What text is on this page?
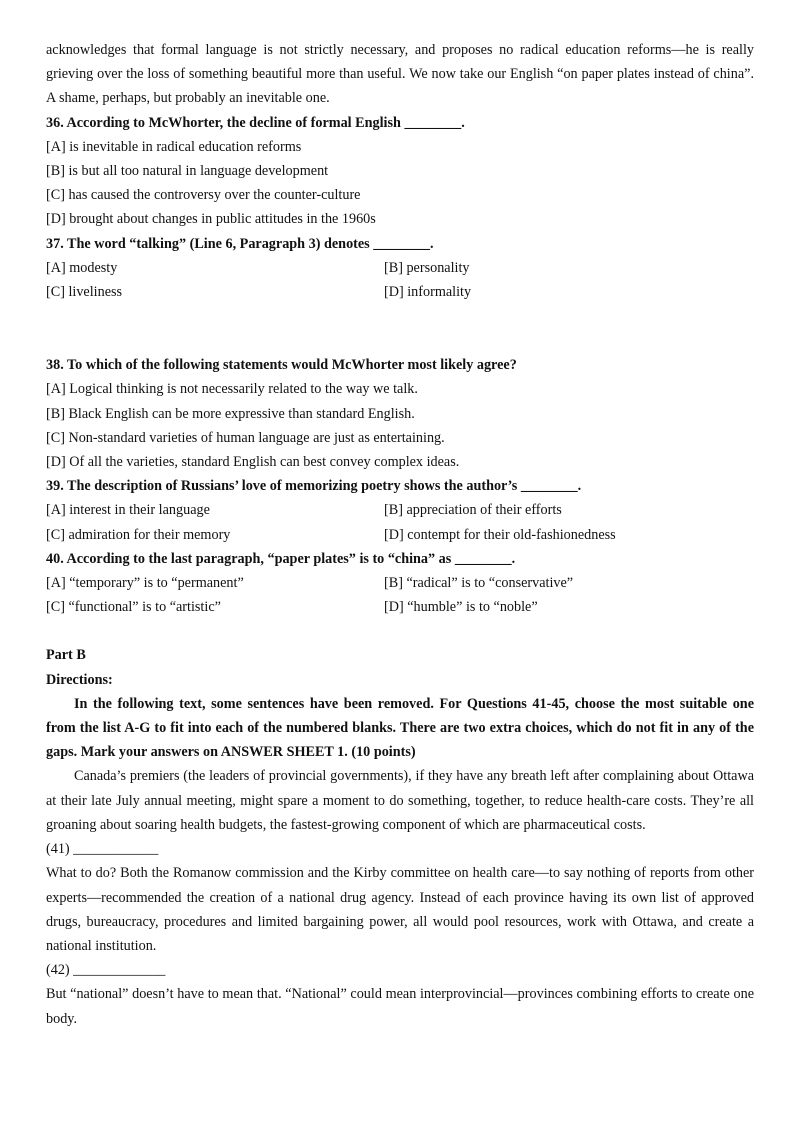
acknowledges that formal language is not strictly necessary, and proposes no radical education reforms—he is really grieving over the loss of something beautiful more than useful. We now take our English “on paper plates instead of china”. A shame, perhaps, but probably an inevitable one.

36. According to McWhorter, the decline of formal English ________.

[A] is inevitable in radical education reforms

[B] is but all too natural in language development

[C] has caused the controversy over the counter-culture

[D] brought about changes in public attitudes in the 1960s

37. The word “talking” (Line 6, Paragraph 3) denotes ________.

[A] modesty	[B] personality
[C] liveliness	[D] informality

38. To which of the following statements would McWhorter most likely agree?

[A] Logical thinking is not necessarily related to the way we talk.

[B] Black English can be more expressive than standard English.

[C] Non-standard varieties of human language are just as entertaining.

[D] Of all the varieties, standard English can best convey complex ideas.

39. The description of Russians’ love of memorizing poetry shows the author’s ________.

[A] interest in their language	[B] appreciation of their efforts
[C] admiration for their memory	[D] contempt for their old-fashionedness

40. According to the last paragraph, “paper plates” is to “china” as ________.

[A] “temporary” is to “permanent”	[B] “radical” is to “conservative”
[C] “functional” is to “artistic”	[D] “humble” is to “noble”

Part B

Directions:

In the following text, some sentences have been removed. For Questions 41-45, choose the most suitable one from the list A-G to fit into each of the numbered blanks. There are two extra choices, which do not fit in any of the gaps. Mark your answers on ANSWER SHEET 1. (10 points)

Canada’s premiers (the leaders of provincial governments), if they have any breath left after complaining about Ottawa at their late July annual meeting, might spare a moment to do something, together, to reduce health-care costs. They’re all groaning about soaring health budgets, the fastest-growing component of which are pharmaceutical costs.

(41) ____________

What to do? Both the Romanow commission and the Kirby committee on health care—to say nothing of reports from other experts—recommended the creation of a national drug agency. Instead of each province having its own list of approved drugs, bureaucracy, procedures and limited bargaining power, all would pool resources, work with Ottawa, and create a national institution.

(42) _____________

But “national” doesn’t have to mean that. “National” could mean interprovincial—provinces combining efforts to create one body.
